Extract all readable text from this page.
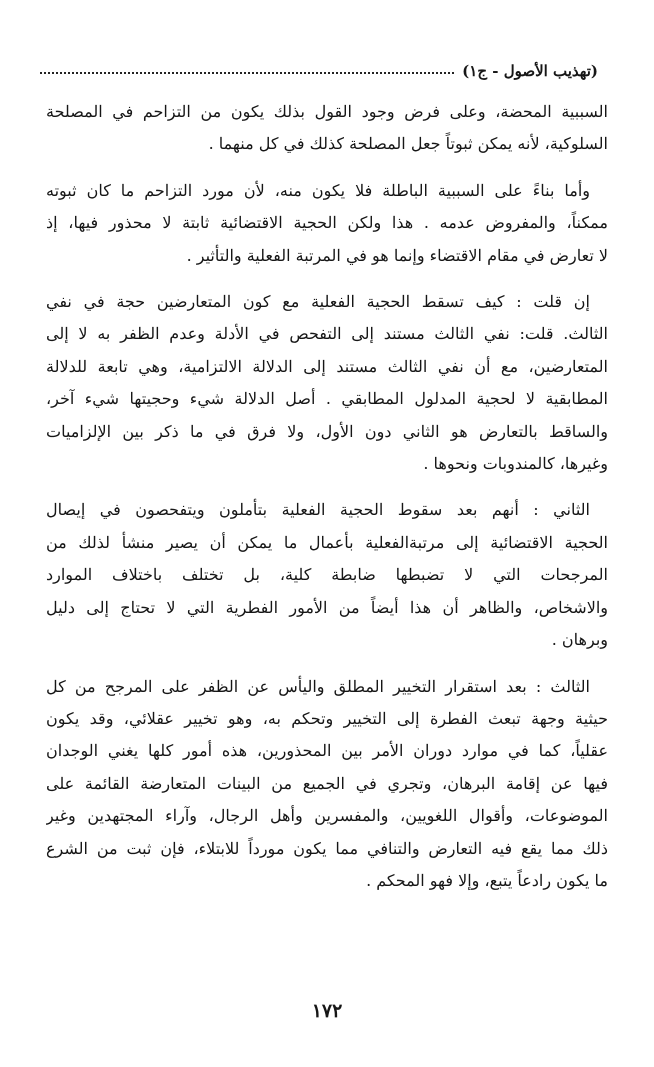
(تهذيب الأصول - ج١)

السببية المحضة، وعلى فرض وجود القول بذلك يكون من التزاحم في المصلحة
السلوكية، لأنه يمكن ثبوتاً جعل المصلحة كذلك في كل منهما .

وأما بناءً على السببية الباطلة فلا يكون منه، لأن مورد التزاحم ما كان ثبوته
ممكناً، والمفروض عدمه . هذا ولكن الحجية الاقتضائية ثابتة لا محذور فيها، إذ
لا تعارض في مقام الاقتضاء وإنما هو في المرتبة الفعلية والتأثير .

إن قلت : كيف تسقط الحجية الفعلية مع كون المتعارضين حجة في نفي
الثالث. قلت: نفي الثالث مستند إلى التفحص في الأدلة وعدم الظفر به لا إلى
المتعارضين، مع أن نفي الثالث مستند إلى الدلالة الالتزامية، وهي تابعة للدلالة
المطابقية لا لحجية المدلول المطابقي . أصل الدلالة شيء وحجيتها شيء آخر،
والساقط بالتعارض هو الثاني دون الأول، ولا فرق في ما ذكر بين الإلزاميات
وغيرها، كالمندوبات ونحوها .

الثاني : أنهم بعد سقوط الحجية الفعلية بتأملون ويتفحصون في إيصال
الحجية الاقتضائية إلى مرتبةالفعلية بأعمال ما يمكن أن يصير منشأ لذلك من
المرجحات التي لا تضبطها ضابطة كلية، بل تختلف باختلاف الموارد
والاشخاص، والظاهر أن هذا أيضاً من الأمور الفطرية التي لا تحتاج إلى دليل
وبرهان .

الثالث : بعد استقرار التخيير المطلق واليأس عن الظفر على المرجح من كل
حيثية وجهة تبعث الفطرة إلى التخيير وتحكم به، وهو تخيير عقلائي، وقد يكون
عقلياً، كما في موارد دوران الأمر بين المحذورين، هذه أمور كلها يغني الوجدان
فيها عن إقامة البرهان، وتجري في الجميع من البينات المتعارضة القائمة على
الموضوعات، وأقوال اللغويين، والمفسرين وأهل الرجال، وآراء المجتهدين وغير
ذلك مما يقع فيه التعارض والتنافي مما يكون مورداً للابتلاء، فإن ثبت من الشرع
ما يكون رادعاً يتبع، وإلا فهو المحكم .

١٧٢
